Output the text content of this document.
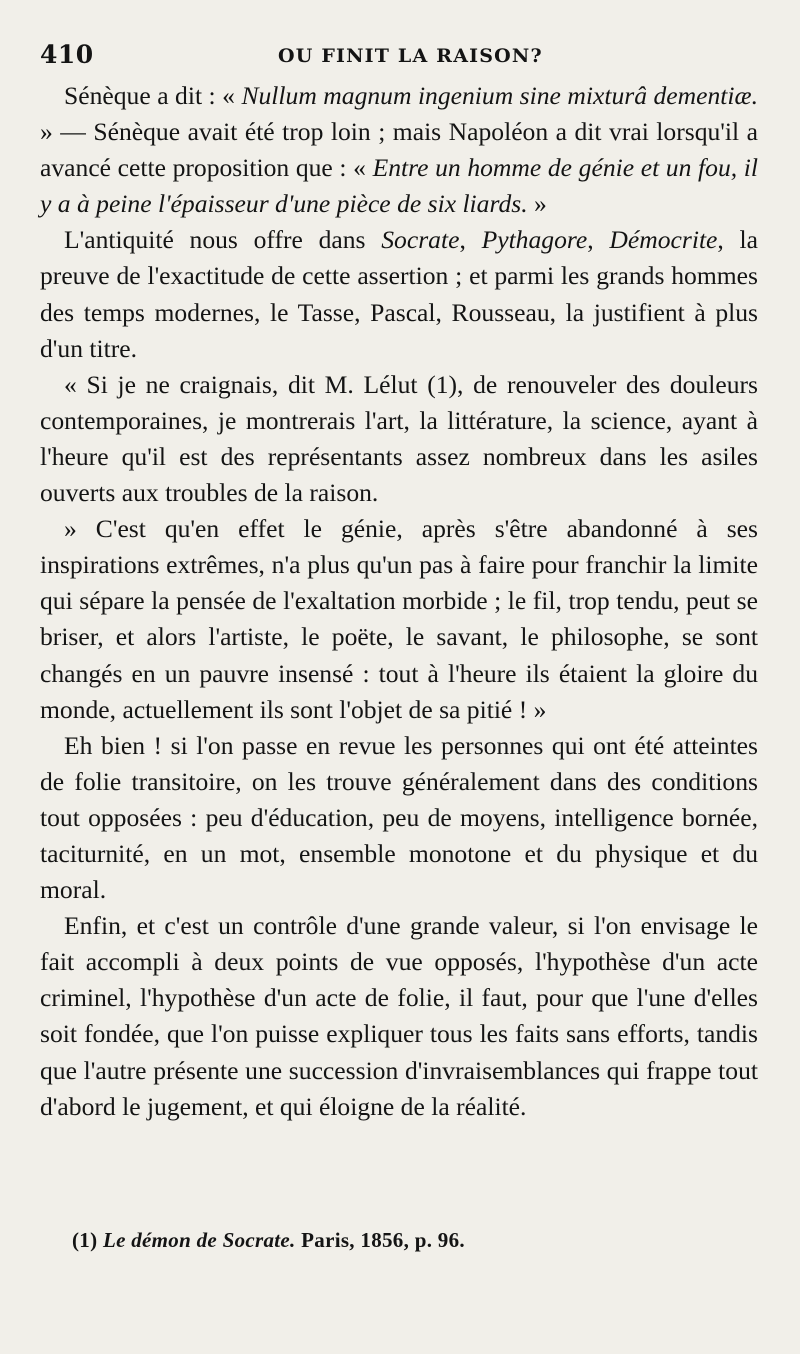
410	OU FINIT LA RAISON?

Sénèque a dit : « Nullum magnum ingenium sine mixturâ dementiæ. » — Sénèque avait été trop loin ; mais Napoléon a dit vrai lorsqu'il a avancé cette proposition que : « Entre un homme de génie et un fou, il y a à peine l'épaisseur d'une pièce de six liards. »

L'antiquité nous offre dans Socrate, Pythagore, Démocrite, la preuve de l'exactitude de cette assertion ; et parmi les grands hommes des temps modernes, le Tasse, Pascal, Rousseau, la justifient à plus d'un titre.

« Si je ne craignais, dit M. Lélut (1), de renouveler des douleurs contemporaines, je montrerais l'art, la littérature, la science, ayant à l'heure qu'il est des représentants assez nombreux dans les asiles ouverts aux troubles de la raison.

» C'est qu'en effet le génie, après s'être abandonné à ses inspirations extrêmes, n'a plus qu'un pas à faire pour franchir la limite qui sépare la pensée de l'exaltation morbide ; le fil, trop tendu, peut se briser, et alors l'artiste, le poëte, le savant, le philosophe, se sont changés en un pauvre insensé : tout à l'heure ils étaient la gloire du monde, actuellement ils sont l'objet de sa pitié ! »

Eh bien ! si l'on passe en revue les personnes qui ont été atteintes de folie transitoire, on les trouve généralement dans des conditions tout opposées : peu d'éducation, peu de moyens, intelligence bornée, taciturnité, en un mot, ensemble monotone et du physique et du moral.

Enfin, et c'est un contrôle d'une grande valeur, si l'on envisage le fait accompli à deux points de vue opposés, l'hypothèse d'un acte criminel, l'hypothèse d'un acte de folie, il faut, pour que l'une d'elles soit fondée, que l'on puisse expliquer tous les faits sans efforts, tandis que l'autre présente une succession d'invraisemblances qui frappe tout d'abord le jugement, et qui éloigne de la réalité.

(1) Le démon de Socrate. Paris, 1856, p. 96.
